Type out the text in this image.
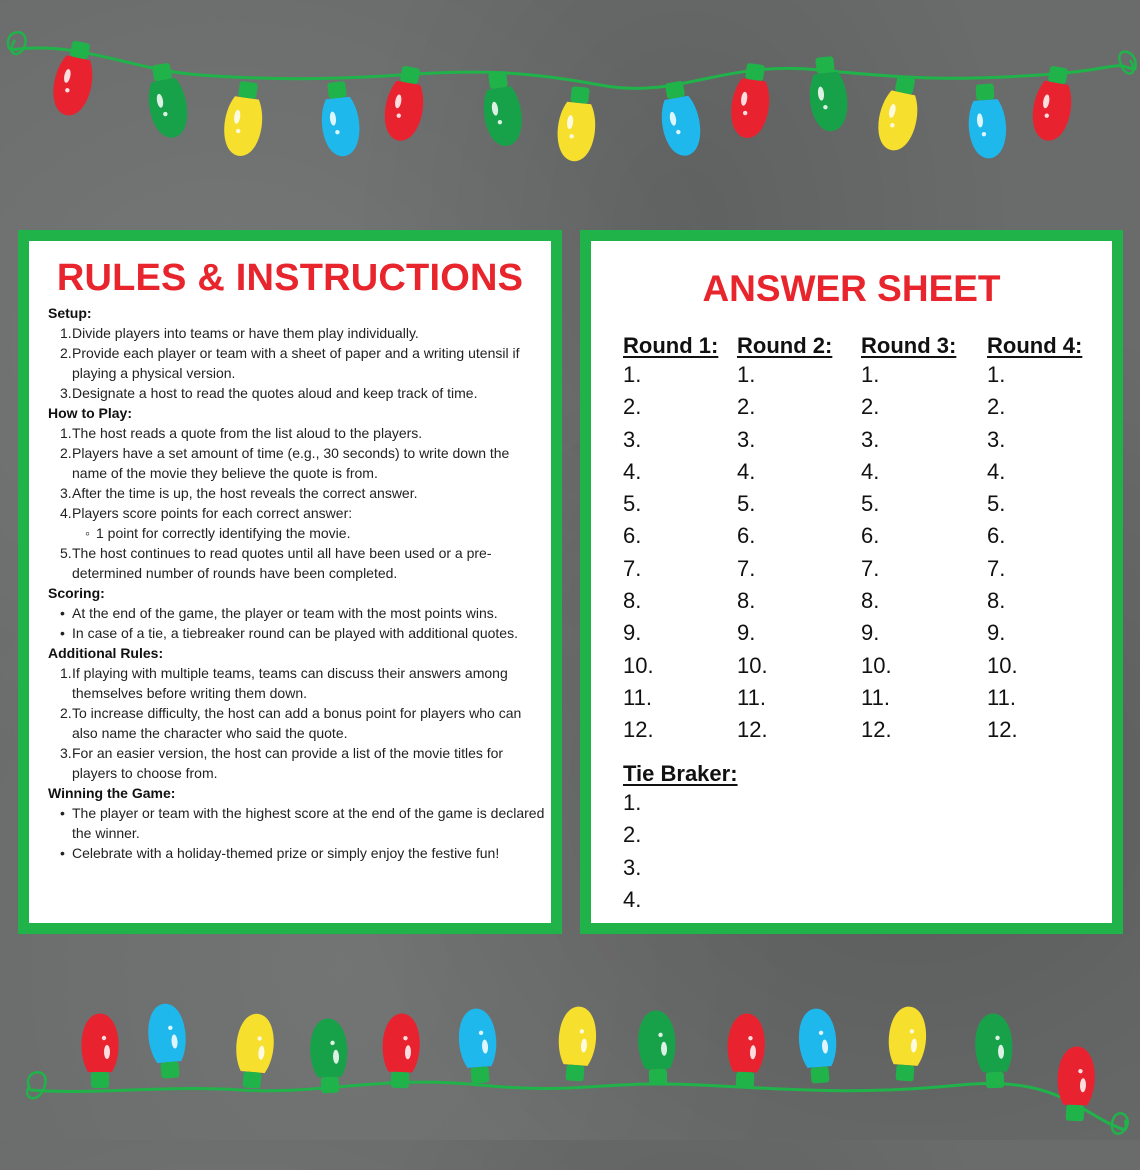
RULES & INSTRUCTIONS
Setup:
1. Divide players into teams or have them play individually.
2. Provide each player or team with a sheet of paper and a writing utensil if playing a physical version.
3. Designate a host to read the quotes aloud and keep track of time.
How to Play:
1. The host reads a quote from the list aloud to the players.
2. Players have a set amount of time (e.g., 30 seconds) to write down the name of the movie they believe the quote is from.
3. After the time is up, the host reveals the correct answer.
4. Players score points for each correct answer:
◦ 1 point for correctly identifying the movie.
5. The host continues to read quotes until all have been used or a pre-determined number of rounds have been completed.
Scoring:
• At the end of the game, the player or team with the most points wins.
• In case of a tie, a tiebreaker round can be played with additional quotes.
Additional Rules:
1. If playing with multiple teams, teams can discuss their answers among themselves before writing them down.
2. To increase difficulty, the host can add a bonus point for players who can also name the character who said the quote.
3. For an easier version, the host can provide a list of the movie titles for players to choose from.
Winning the Game:
• The player or team with the highest score at the end of the game is declared the winner.
• Celebrate with a holiday-themed prize or simply enjoy the festive fun!
ANSWER SHEET
Round 1:
1.
2.
3.
4.
5.
6.
7.
8.
9.
10.
11.
12.
Round 2:
1.
2.
3.
4.
5.
6.
7.
8.
9.
10.
11.
12.
Round 3:
1.
2.
3.
4.
5.
6.
7.
8.
9.
10.
11.
12.
Round 4:
1.
2.
3.
4.
5.
6.
7.
8.
9.
10.
11.
12.
Tie Braker:
1.
2.
3.
4.
